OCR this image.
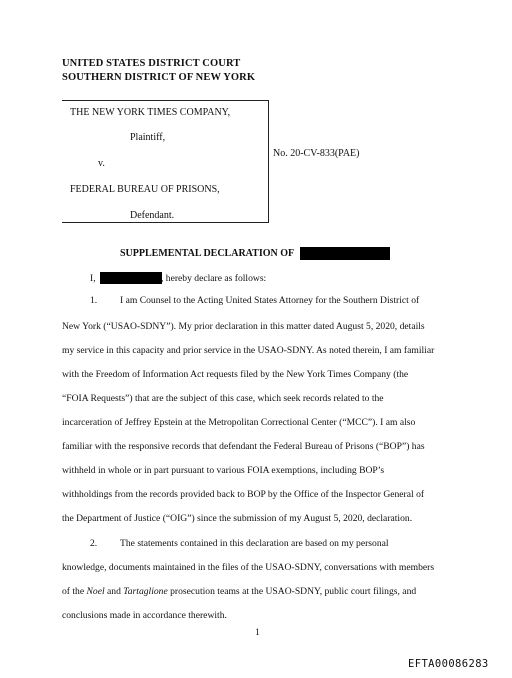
UNITED STATES DISTRICT COURT
SOUTHERN DISTRICT OF NEW YORK
THE NEW YORK TIMES COMPANY,
Plaintiff,
v.
FEDERAL BUREAU OF PRISONS,
Defendant.
No. 20-CV-833(PAE)
SUPPLEMENTAL DECLARATION OF
I,	, hereby declare as follows:
1. I am Counsel to the Acting United States Attorney for the Southern District of
New York (“USAO-SDNY”). My prior declaration in this matter dated August 5, 2020, details
my service in this capacity and prior service in the USAO-SDNY. As noted therein, I am familiar
with the Freedom of Information Act requests filed by the New York Times Company (the
“FOIA Requests”) that are the subject of this case, which seek records related to the
incarceration of Jeffrey Epstein at the Metropolitan Correctional Center (“MCC”). I am also
familiar with the responsive records that defendant the Federal Bureau of Prisons (“BOP”) has
withheld in whole or in part pursuant to various FOIA exemptions, including BOP’s
withholdings from the records provided back to BOP by the Office of the Inspector General of
the Department of Justice (“OIG”) since the submission of my August 5, 2020, declaration.
2. The statements contained in this declaration are based on my personal
knowledge, documents maintained in the files of the USAO-SDNY, conversations with members
of the Noel and Tartaglione prosecution teams at the USAO-SDNY, public court filings, and
conclusions made in accordance therewith.
1
EFTA00086283
